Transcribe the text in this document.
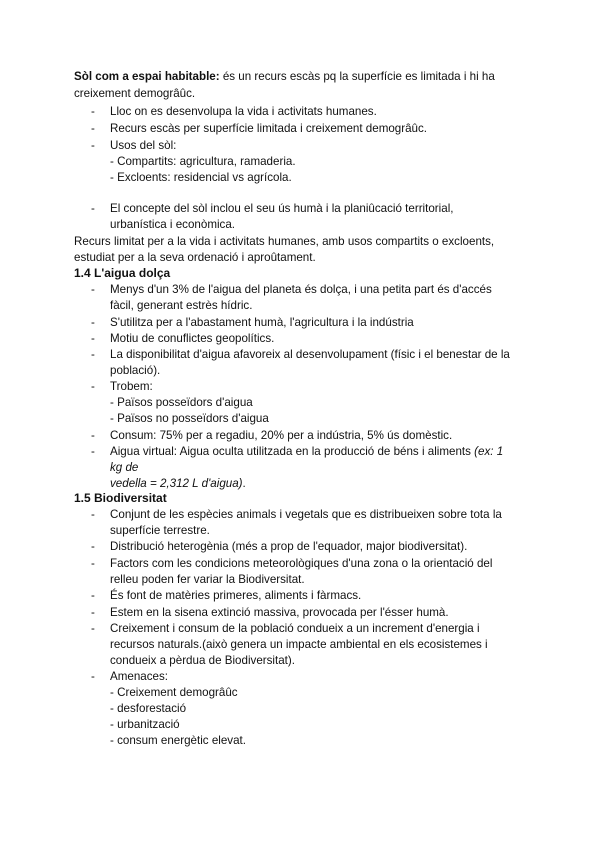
Sòl com a espai habitable: és un recurs escàs pq la superfície es limitada i hi ha
creixement demogrâûc.
- Lloc on es desenvolupa la vida i activitats humanes.
- Recurs escàs per superfície limitada i creixement demogrâûc.
- Usos del sòl:
- Compartits: agricultura, ramaderia.
- Excloents: residencial vs agrícola.
- El concepte del sòl inclou el seu ús humà i la planiûcació territorial,
urbanística i econòmica.
Recurs limitat per a la vida i activitats humanes, amb usos compartits o excloents,
estudiat per a la seva ordenació i aproûtament.
1.4 L'aigua dolça
- Menys d'un 3% de l'aigua del planeta és dolça, i una petita part és d'accés
fàcil, generant estrès hídric.
- S'utilitza per a l'abastament humà, l'agricultura i la indústria
- Motiu de conuflictes geopolítics.
- La disponibilitat d'aigua afavoreix al desenvolupament (físic i el benestar de la
població).
- Trobem:
- Països posseïdors d'aigua
- Països no posseïdors d'aigua
- Consum: 75% per a regadiu, 20% per a indústria, 5% ús domèstic.
- Aigua virtual: Aigua oculta utilitzada en la producció de béns i aliments (ex: 1
kg de
vedella = 2,312 L d'aigua).
1.5 Biodiversitat
- Conjunt de les espècies animals i vegetals que es distribueixen sobre tota la
superfície terrestre.
- Distribució heterogènia (més a prop de l'equador, major biodiversitat).
- Factors com les condicions meteorològiques d'una zona o la orientació del
relleu poden fer variar la Biodiversitat.
- És font de matèries primeres, aliments i fàrmacs.
- Estem en la sisena extinció massiva, provocada per l'ésser humà.
- Creixement i consum de la població condueix a un increment d'energia i
recursos naturals.(això genera un impacte ambiental en els ecosistemes i
condueix a pèrdua de Biodiversitat).
- Amenaces:
- Creixement demogrâûc
- desforestació
- urbanització
- consum energètic elevat.
